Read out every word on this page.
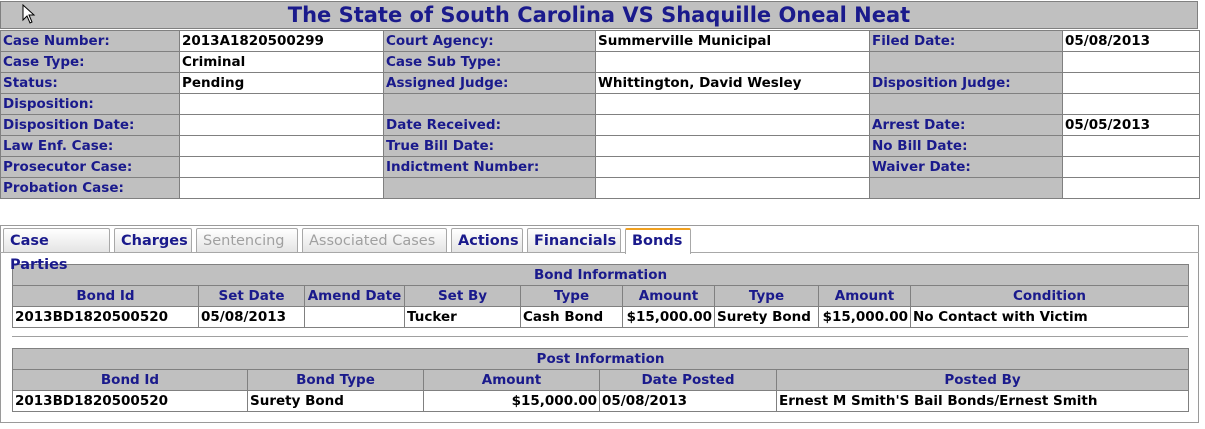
The State of South Carolina VS Shaquille Oneal Neat
Case Number:	2013A1820500299	Court Agency:	Summerville Municipal	Filed Date:	05/08/2013
Case Type:	Criminal	Case Sub Type:			
Status:	Pending	Assigned Judge:	Whittington, David Wesley	Disposition Judge:	
Disposition:					
Disposition Date:		Date Received:		Arrest Date:	05/05/2013
Law Enf. Case:		True Bill Date:		No Bill Date:	
Prosecutor Case:		Indictment Number:		Waiver Date:	
Probation Case:					
Case Parties
Charges	Sentencing	Associated Cases	Actions	Financials	Bonds
Bond Information								
Bond Id	Set Date	Amend Date	Set By	Type	Amount	Type	Amount	Condition
2013BD1820500520	05/08/2013		Tucker	Cash Bond	$15,000.00	Surety Bond	$15,000.00	No Contact with Victim
Post Information				
Bond Id	Bond Type	Amount	Date Posted	Posted By
2013BD1820500520	Surety Bond	$15,000.00	05/08/2013	Ernest M Smith'S Bail Bonds/Ernest Smith
